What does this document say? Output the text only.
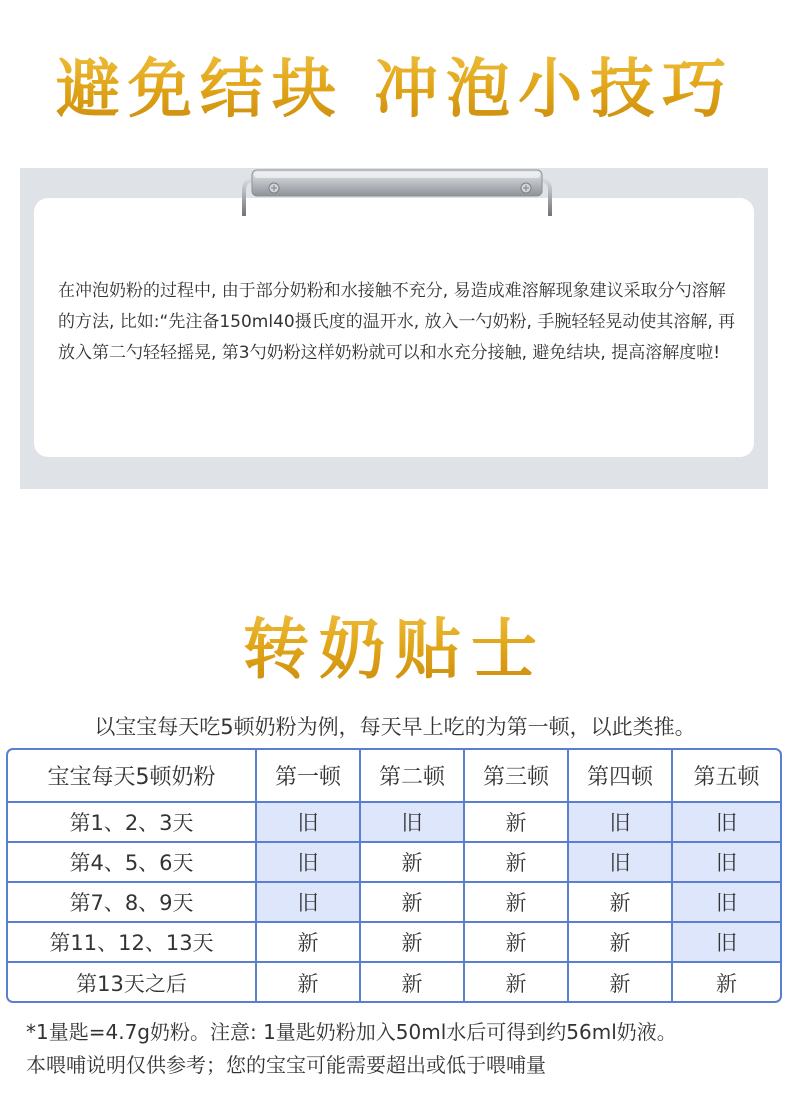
避免结块 冲泡小技巧
在冲泡奶粉的过程中, 由于部分奶粉和水接触不充分, 易造成难溶解现象建议采取分勺溶解的方法, 比如:“先注备150ml40摄氏度的温开水, 放入一勺奶粉, 手腕轻轻晃动使其溶解, 再放入第二勺轻轻摇晃, 第3勺奶粉这样奶粉就可以和水充分接触, 避免结块, 提高溶解度啦!
转奶贴士
以宝宝每天吃5顿奶粉为例，每天早上吃的为第一顿，以此类推。
宝宝每天5顿奶粉	第一顿	第二顿	第三顿	第四顿	第五顿
第1、2、3天	旧	旧	新	旧	旧
第4、5、6天	旧	新	新	旧	旧
第7、8、9天	旧	新	新	新	旧
第11、12、13天	新	新	新	新	旧
第13天之后	新	新	新	新	新
*1量匙=4.7g奶粉。注意: 1量匙奶粉加入50ml水后可得到约56ml奶液。
本喂哺说明仅供参考；您的宝宝可能需要超出或低于喂哺量
